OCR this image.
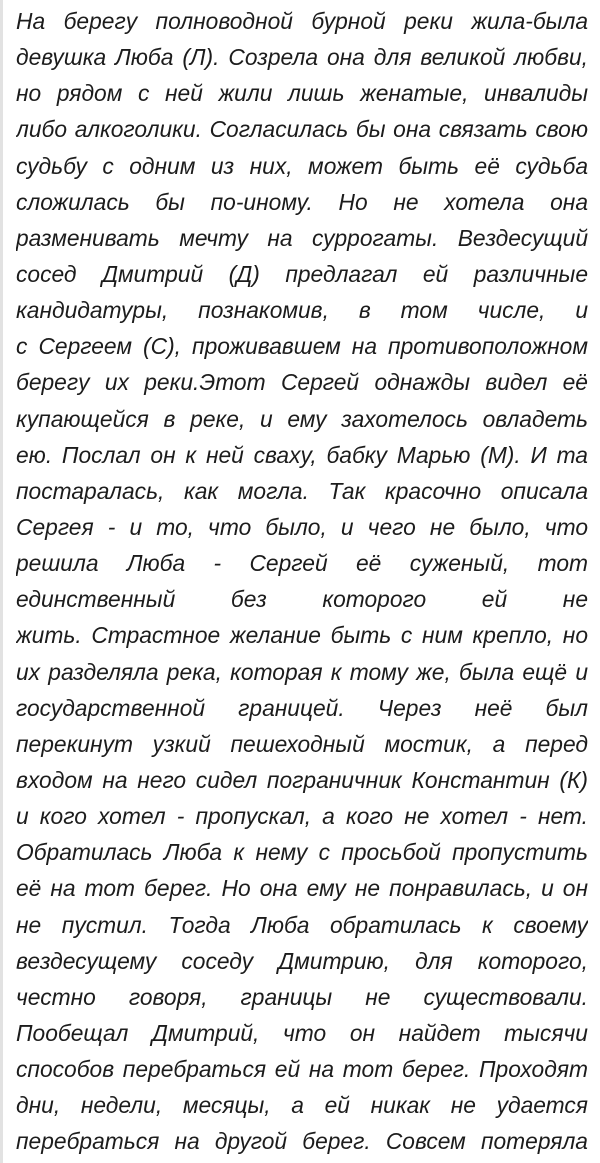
На берегу полноводной бурной реки жила-была
девушка Люба (Л). Созрела она для великой любви,
но рядом с ней жили лишь женатые, инвалиды
либо алкоголики. Согласилась бы она связать свою
судьбу с одним из них, может быть её судьба
сложилась бы по-иному. Но не хотела она
разменивать мечту на суррогаты. Вездесущий
сосед Дмитрий (Д) предлагал ей различные
кандидатуры, познакомив, в том числе, и
с Сергеем (С), проживавшем на противоположном
берегу их реки.Этот Сергей однажды видел её
купающейся в реке, и ему захотелось овладеть
ею. Послал он к ней сваху, бабку Марью (М). И та
постаралась, как могла. Так красочно описала
Сергея - и то, что было, и чего не было, что
решила Люба - Сергей её суженый, тот
единственный без которого ей не
жить. Страстное желание быть с ним крепло, но
их разделяла река, которая к тому же, была ещё и
государственной границей. Через неё был
перекинут узкий пешеходный мостик, а перед
входом на него сидел пограничник Константин (К)
и кого хотел - пропускал, а кого не хотел - нет.
Обратилась Люба к нему с просьбой пропустить
её на тот берег. Но она ему не понравилась, и он
не пустил. Тогда Люба обратилась к своему
вездесущему соседу Дмитрию, для которого,
честно говоря, границы не существовали.
Пообещал Дмитрий, что он найдет тысячи
способов перебраться ей на тот берег. Проходят
дни, недели, месяцы, а ей никак не удается
перебраться на другой берег. Совсем потеряла
